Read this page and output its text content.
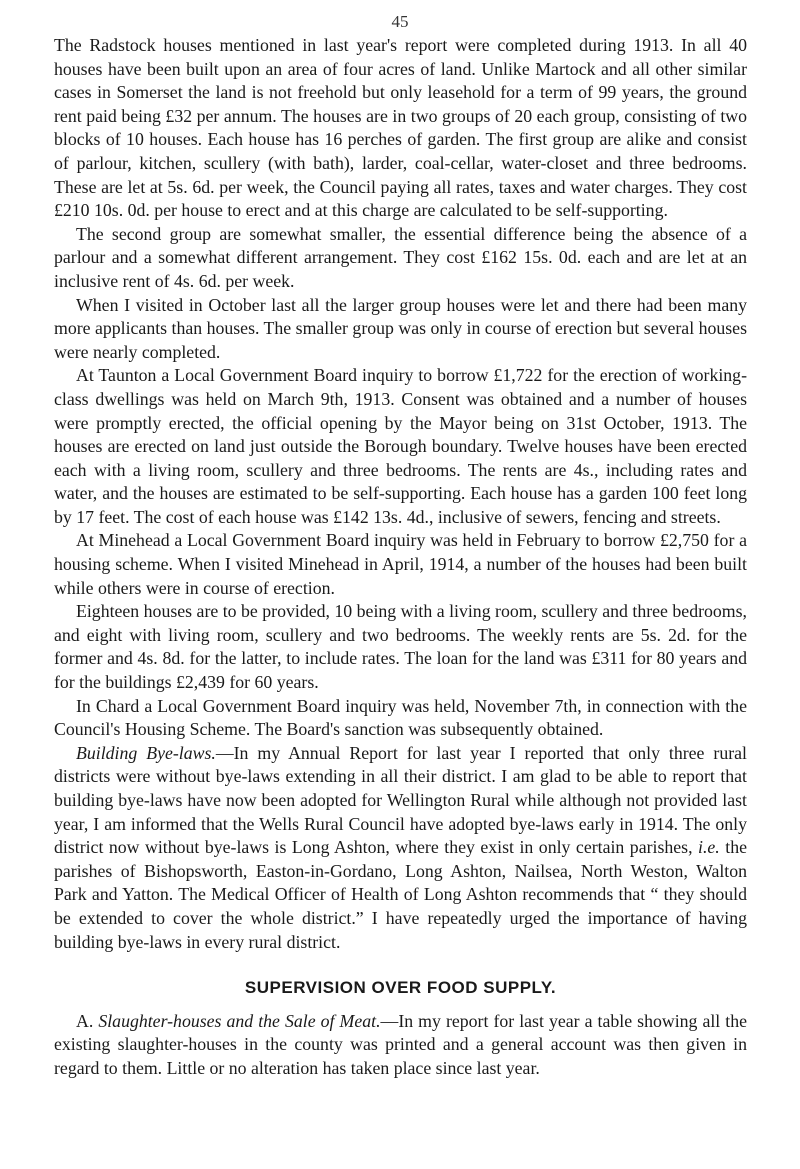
45

The Radstock houses mentioned in last year's report were completed during 1913. In all 40 houses have been built upon an area of four acres of land. Unlike Martock and all other similar cases in Somerset the land is not freehold but only leasehold for a term of 99 years, the ground rent paid being £32 per annum. The houses are in two groups of 20 each group, consisting of two blocks of 10 houses. Each house has 16 perches of garden. The first group are alike and consist of parlour, kitchen, scullery (with bath), larder, coal-cellar, water-closet and three bedrooms. These are let at 5s. 6d. per week, the Council paying all rates, taxes and water charges. They cost £210 10s. 0d. per house to erect and at this charge are calculated to be self-supporting.

The second group are somewhat smaller, the essential difference being the absence of a parlour and a somewhat different arrangement. They cost £162 15s. 0d. each and are let at an inclusive rent of 4s. 6d. per week.

When I visited in October last all the larger group houses were let and there had been many more applicants than houses. The smaller group was only in course of erection but several houses were nearly completed.

At Taunton a Local Government Board inquiry to borrow £1,722 for the erection of working-class dwellings was held on March 9th, 1913. Consent was obtained and a number of houses were promptly erected, the official opening by the Mayor being on 31st October, 1913. The houses are erected on land just outside the Borough boundary. Twelve houses have been erected each with a living room, scullery and three bedrooms. The rents are 4s., including rates and water, and the houses are estimated to be self-supporting. Each house has a garden 100 feet long by 17 feet. The cost of each house was £142 13s. 4d., inclusive of sewers, fencing and streets.

At Minehead a Local Government Board inquiry was held in February to borrow £2,750 for a housing scheme. When I visited Minehead in April, 1914, a number of the houses had been built while others were in course of erection.

Eighteen houses are to be provided, 10 being with a living room, scullery and three bedrooms, and eight with living room, scullery and two bedrooms. The weekly rents are 5s. 2d. for the former and 4s. 8d. for the latter, to include rates. The loan for the land was £311 for 80 years and for the buildings £2,439 for 60 years.

In Chard a Local Government Board inquiry was held, November 7th, in connection with the Council's Housing Scheme. The Board's sanction was subsequently obtained.

Building Bye-laws.—In my Annual Report for last year I reported that only three rural districts were without bye-laws extending in all their district. I am glad to be able to report that building bye-laws have now been adopted for Wellington Rural while although not provided last year, I am informed that the Wells Rural Council have adopted bye-laws early in 1914. The only district now without bye-laws is Long Ashton, where they exist in only certain parishes, i.e. the parishes of Bishopsworth, Easton-in-Gordano, Long Ashton, Nailsea, North Weston, Walton Park and Yatton. The Medical Officer of Health of Long Ashton recommends that “ they should be extended to cover the whole district.” I have repeatedly urged the importance of having building bye-laws in every rural district.

SUPERVISION OVER FOOD SUPPLY.

A. Slaughter-houses and the Sale of Meat.—In my report for last year a table showing all the existing slaughter-houses in the county was printed and a general account was then given in regard to them. Little or no alteration has taken place since last year.
